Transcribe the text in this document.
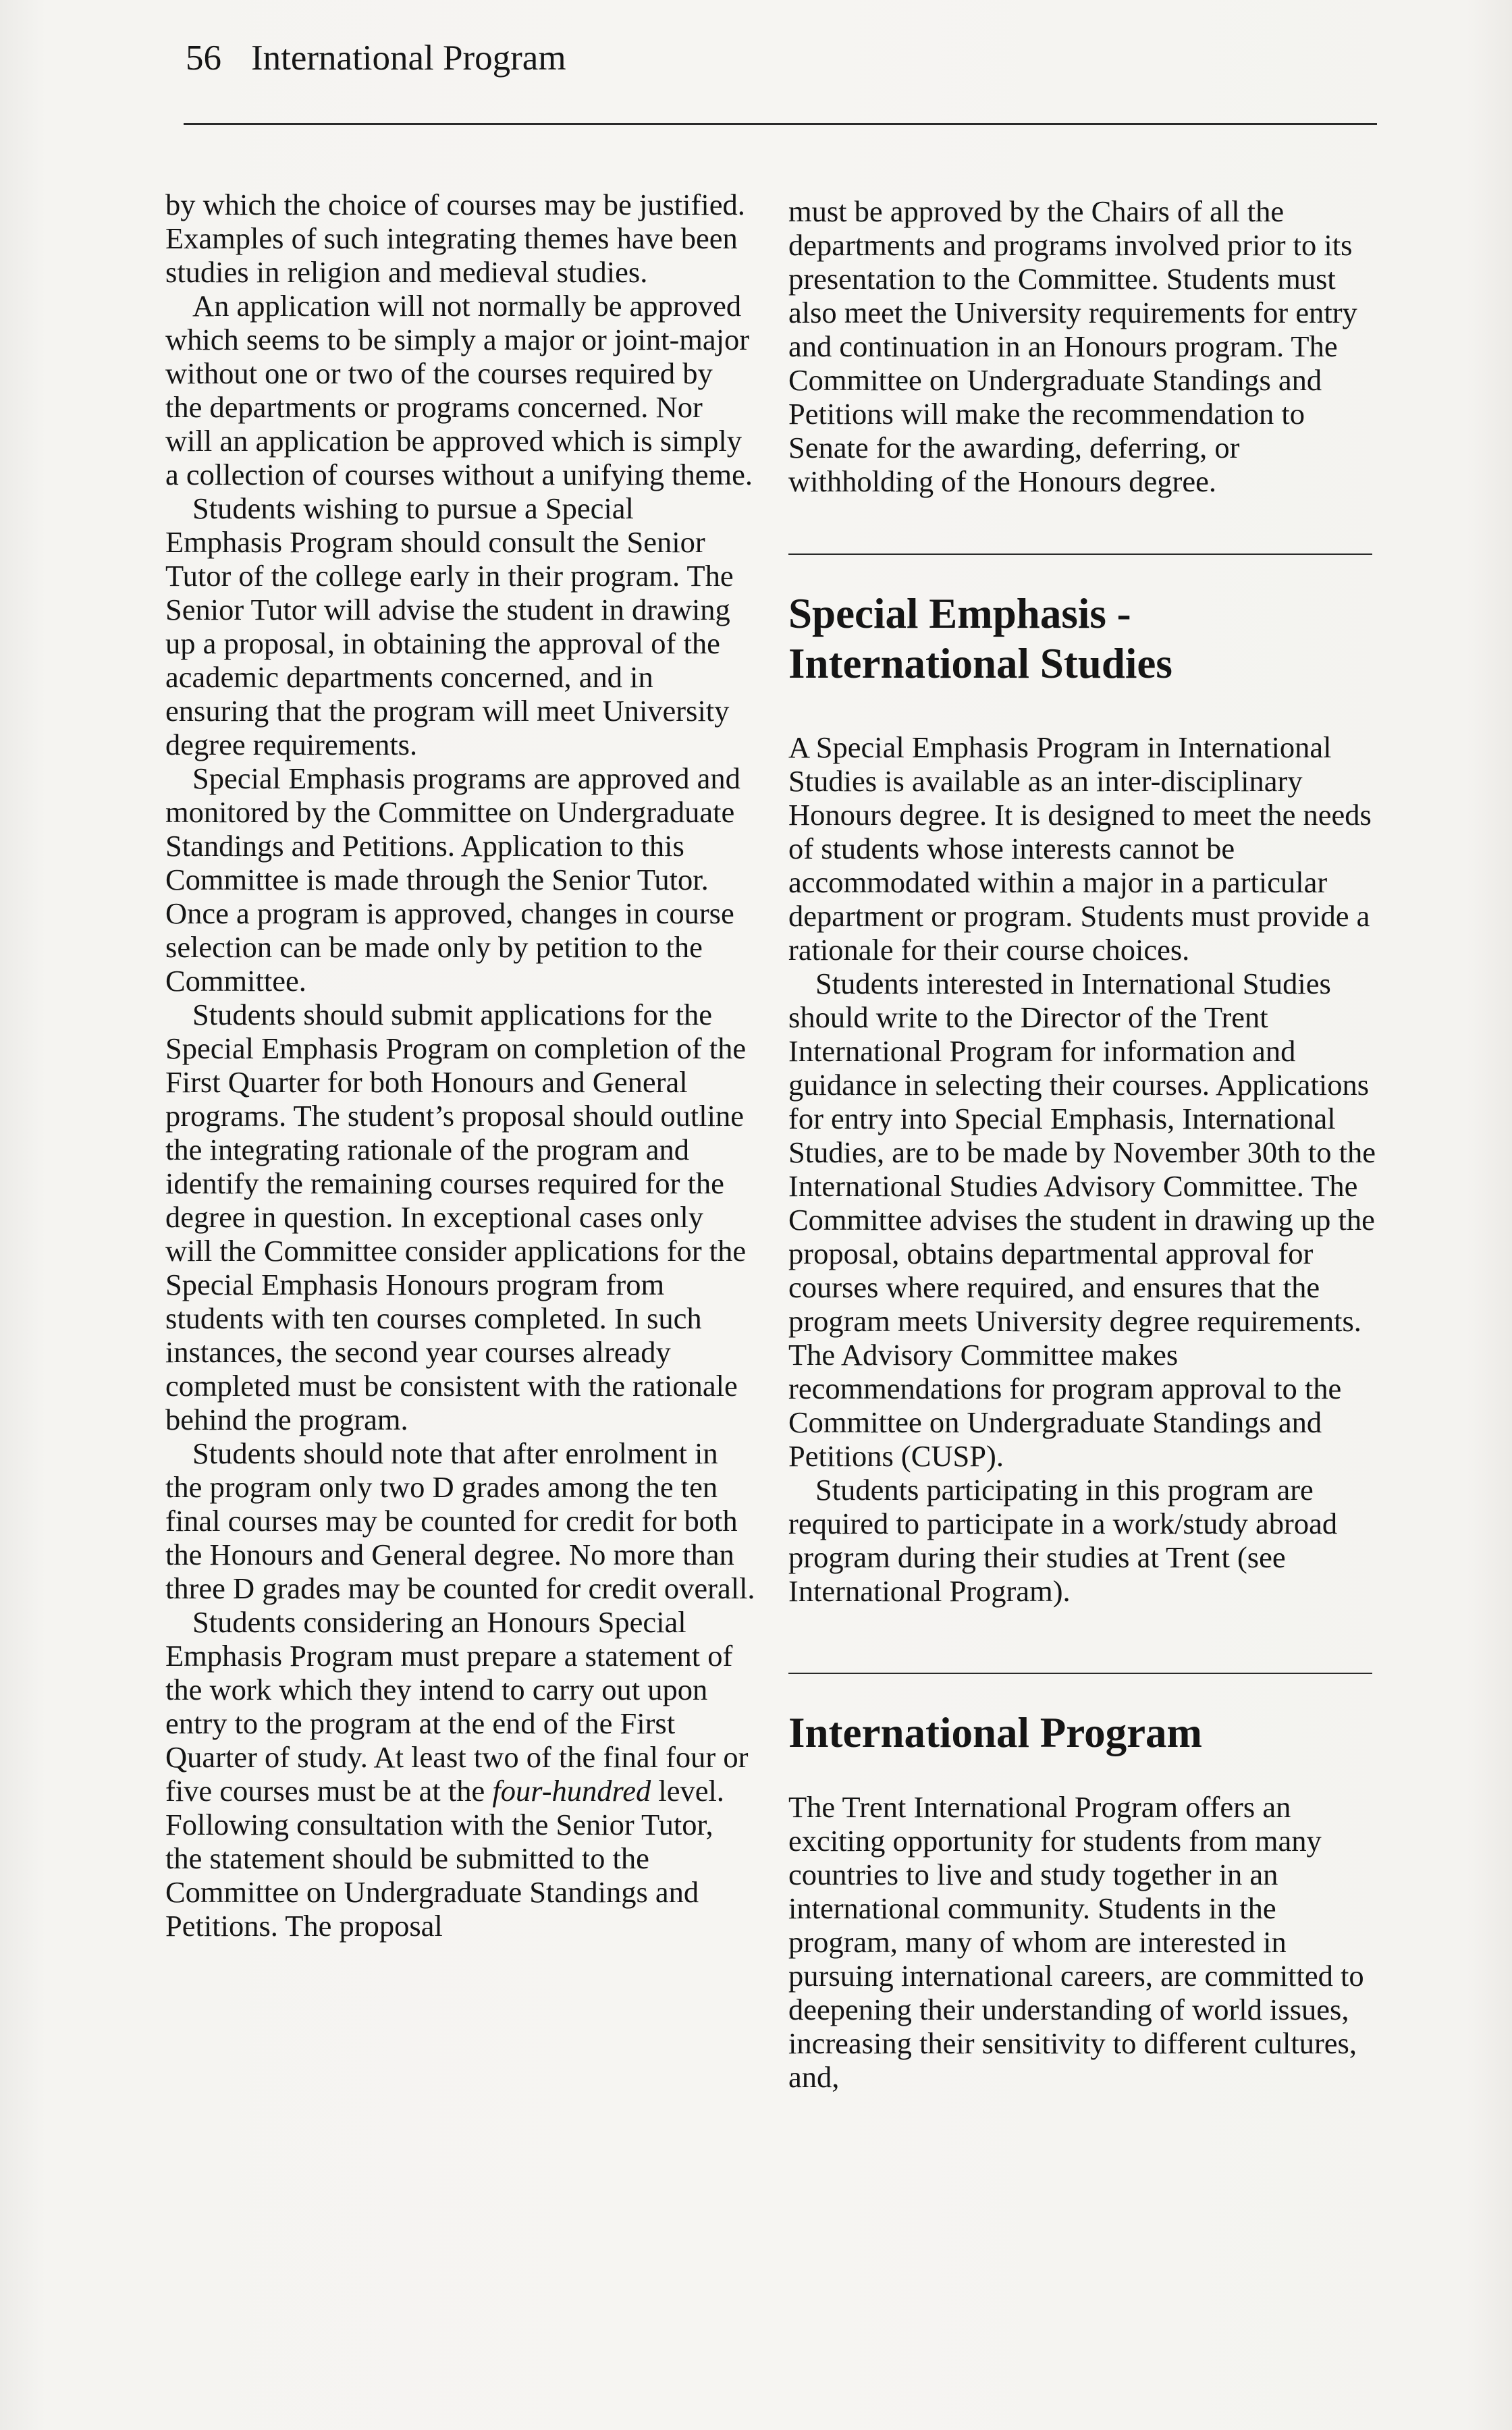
56 International Program

by which the choice of courses may be justified. Examples of such integrating themes have been studies in religion and medieval studies.

An application will not normally be approved which seems to be simply a major or joint-major without one or two of the courses required by the departments or programs concerned. Nor will an application be approved which is simply a collection of courses without a unifying theme.

Students wishing to pursue a Special Emphasis Program should consult the Senior Tutor of the college early in their program. The Senior Tutor will advise the student in drawing up a proposal, in obtaining the approval of the academic departments concerned, and in ensuring that the program will meet University degree requirements.

Special Emphasis programs are approved and monitored by the Committee on Undergraduate Standings and Petitions. Application to this Committee is made through the Senior Tutor. Once a program is approved, changes in course selection can be made only by petition to the Committee.

Students should submit applications for the Special Emphasis Program on completion of the First Quarter for both Honours and General programs. The student’s proposal should outline the integrating rationale of the program and identify the remaining courses required for the degree in question. In exceptional cases only will the Committee consider applications for the Special Emphasis Honours program from students with ten courses completed. In such instances, the second year courses already completed must be consistent with the rationale behind the program.

Students should note that after enrolment in the program only two D grades among the ten final courses may be counted for credit for both the Honours and General degree. No more than three D grades may be counted for credit overall.

Students considering an Honours Special Emphasis Program must prepare a statement of the work which they intend to carry out upon entry to the program at the end of the First Quarter of study. At least two of the final four or five courses must be at the four-hundred level. Following consultation with the Senior Tutor, the statement should be submitted to the Committee on Undergraduate Standings and Petitions. The proposal

must be approved by the Chairs of all the departments and programs involved prior to its presentation to the Committee. Students must also meet the University requirements for entry and continuation in an Honours program. The Committee on Undergraduate Standings and Petitions will make the recommendation to Senate for the awarding, deferring, or withholding of the Honours degree.

Special Emphasis -
International Studies

A Special Emphasis Program in International Studies is available as an inter-disciplinary Honours degree. It is designed to meet the needs of students whose interests cannot be accommodated within a major in a particular department or program. Students must provide a rationale for their course choices.

Students interested in International Studies should write to the Director of the Trent International Program for information and guidance in selecting their courses. Applications for entry into Special Emphasis, International Studies, are to be made by November 30th to the International Studies Advisory Committee. The Committee advises the student in drawing up the proposal, obtains departmental approval for courses where required, and ensures that the program meets University degree requirements. The Advisory Committee makes recommendations for program approval to the Committee on Undergraduate Standings and Petitions (CUSP).

Students participating in this program are required to participate in a work/study abroad program during their studies at Trent (see International Program).

International Program

The Trent International Program offers an exciting opportunity for students from many countries to live and study together in an international community. Students in the program, many of whom are interested in pursuing international careers, are committed to deepening their understanding of world issues, increasing their sensitivity to different cultures, and,
